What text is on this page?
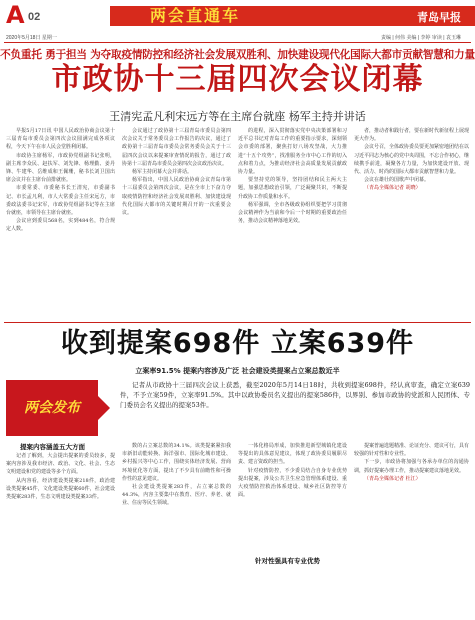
A 02	两会直通车	青岛早报
2020年5月18日 星期一	责编 | 何伟 美编 | 李婷 审读 | 袁玉琳
不负重托 勇于担当 为夺取疫情防控和经济社会发展双胜利、加快建设现代化国际大都市贡献智慧和力量
市政协十三届四次会议闭幕
王清宪孟凡利宋远方等在主席台就座 杨军主持并讲话

早报5月17日讯 中国人民政治协商会议第十三届青岛市委员会第四次会议圆满完成各项议程，今天下午在市人民会堂胜利闭幕。

市政协主席杨军，市政协党组副书记张明，副主席李众民、赵扶军、刘先锋、杨理勤、姜丹锋、牛建华、岳维成和王佩珊，秘书长刘卫国出席会议并在主席台前排就座。

市委常委、市委秘书长王清宪，市委副书记、市长孟凡利，市人大常委会主任宋远方，市委政法委书记宋军，市政协党组副书记等在主席台就座，市领导在主席台就座。

会议应到委员568名，实到484名，符合规定人数。

会议通过了政协第十三届青岛市委员会第四次会议关于常务委员会工作报告的决议，通过了政协第十三届青岛市委员会常务委员会关于十三届四次会议以来提案审查情况的报告，通过了政协第十三届青岛市委员会第四次会议政治决议。

杨军主持闭幕大会并讲话。

杨军指出，中国人民政治协商会议青岛市第十三届委员会第四次会议，是在全市上下奋力夺取疫情防控和经济社会发展双胜利、加快建设现代化国际大都市的关键时期召开的一次重要会议。

的进程，深入贯彻落实党中央决策部署和习近平总书记对青岛工作的重要指示要求，深刻领会市委的部署，聚焦打好八场攻坚战，大力推进“十五个攻势”，找准服务全市中心工作的切入点和着力点，为推动经济社会高质量发展贡献政协力量。

要坚持党的领导，坚持团结和民主两大主题，加强思想政治引领，广泛凝聚共识，不断提升政协工作质量和水平。

杨军强调，全市各级政协组织要把学习贯彻会议精神作为当前和今后一个时期的重要政治任务，推动会议精神落地见效。

者，推动者和践行者，要在新时代新征程上展现更大作为。

会议号召，全体政协委员要更加紧密地团结在以习近平同志为核心的党中央周围，不忘合作初心，继续携手前进，凝聚各方力量，为加快建设开放、现代、活力、时尚的国际大都市贡献智慧和力量。

会议在雄壮的国歌声中闭幕。

（青岛全媒体记者 胡晓）

收到提案698件 立案639件
立案率91.5% 提案内容涉及广泛 社会建设类提案占立案总数近半
两会发布

记者从市政协十三届四次会议上获悉，截至2020年5月14日18时，共收到提案698件，经认真审查，确定立案639件，不予立案59件，立案率91.5%。其中以政协委员名义提出的提案586件，以界别、参加市政协的党派和人民团体、专门委员会名义提出的提案53件。

提案内容涵盖五大方面

记者了解到，大会提出提案的委员较多，提案内容涉及我市经济、政治、文化、社会、生态文明建设和党的建设等多个方面。

从内容看，经济建设类提案218件，政治建设类提案45件，文化建设类提案60件，社会建设类提案283件，生态文明建设类提案33件。

数的占立案总数的34.1%。该类提案紧扣我市新旧动能转换、海洋强市、国际化城市建设、乡村振兴等中心工作，围绕实体经济发展、营商环境优化等方面，提出了不少具有前瞻性和可操作性的意见建议。

社会建设类提案283件，占立案总数的44.3%，内容主要集中在教育、医疗、养老、就业、住房等民生领域。

一体化格局形成，加快推进新型城镇化建设等提出的具体意见建议，体现了政协委员履职尽责、建言资政的担当。

针对疫情防控，不少委员结合自身专业优势提出提案，涉及公共卫生应急管理体系建设、重大疫情防控救治体系建设、城乡社区防控等方面。

针对性强具有专业优势

提案普遍选题精准、论证充分、建议可行，具有较强的针对性和专业性。

下一步，市政协将加强与各承办单位的沟通协调，抓好提案办理工作，推动提案建议落地见效。

（青岛全媒体记者 杜江）
